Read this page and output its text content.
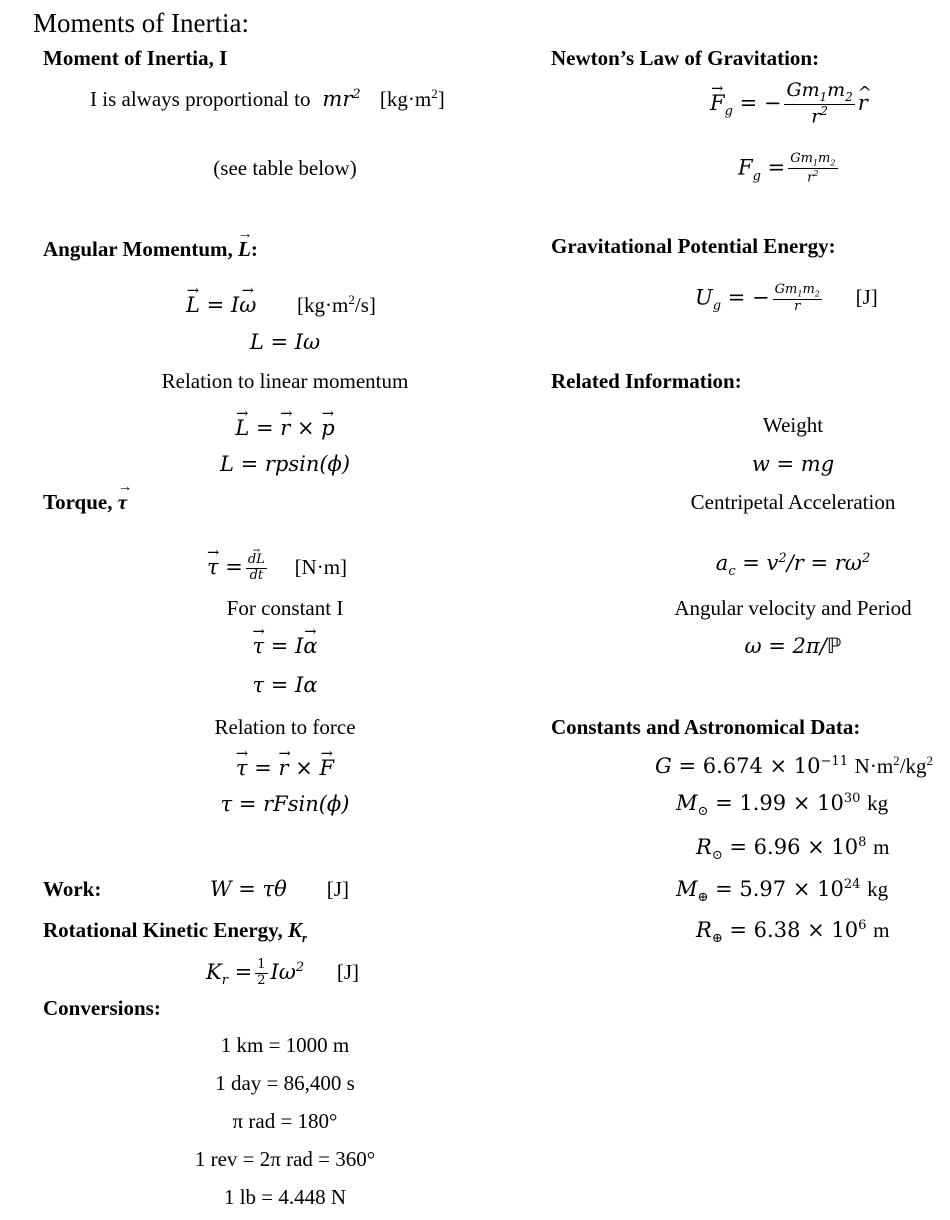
Moments of Inertia:
Moment of Inertia, I
I is always proportional to $mr^2$ $[kg\cdot m^2]$
(see table below)
Angular Momentum, → L:
→ L = I→ ω $[kg\cdot m^2/s]$
L = Iω
Relation to linear momentum
→ L = → r × → p
L = rpsin(ϕ)
Torque, → τ
→ τ = → $\frac{dL}{dt} [N\cdot m]$
For constant I
→ τ = I→ α
τ = Iα
Relation to force
→ τ = → r × → F
τ = rFsin(ϕ)
Work:	W = τθ [J]
Rotational Kinetic Energy, $K_r$
$K_r = \frac{1}{2} I\omega^2$ [J]
Conversions:
1 km = 1000 m
1 day = 86,400 s
π rad = 180°
1 rev = 2π rad = 360°
1 lb = 4.448 N
Newton’s Law of Gravitation:
→ $F_g$ = − $\frac{Gm_1m_2}{r^2}$ ^ r
$F_g = \frac{Gm_1m_2}{r^2}$
Gravitational Potential Energy:
$U_g$ = − $\frac{Gm_1m_2}{r} [J]$
Related Information:
Weight
w = mg
Centripetal Acceleration
$a_c = v^2/r = r\omega^2$
Angular velocity and Period
ω = 2π/ℙ
Constants and Astronomical Data:
$G = 6.674 \times 10^{-11}$ $N\cdot m^2/kg^2$
$M_⊙ = 1.99 \times 10^{30}$ kg
$R_⊙ = 6.96 \times 10^8$ m
$M_\oplus = 5.97 \times 10^{24}$ kg
$R_\oplus = 6.38 \times 10^6$ m
